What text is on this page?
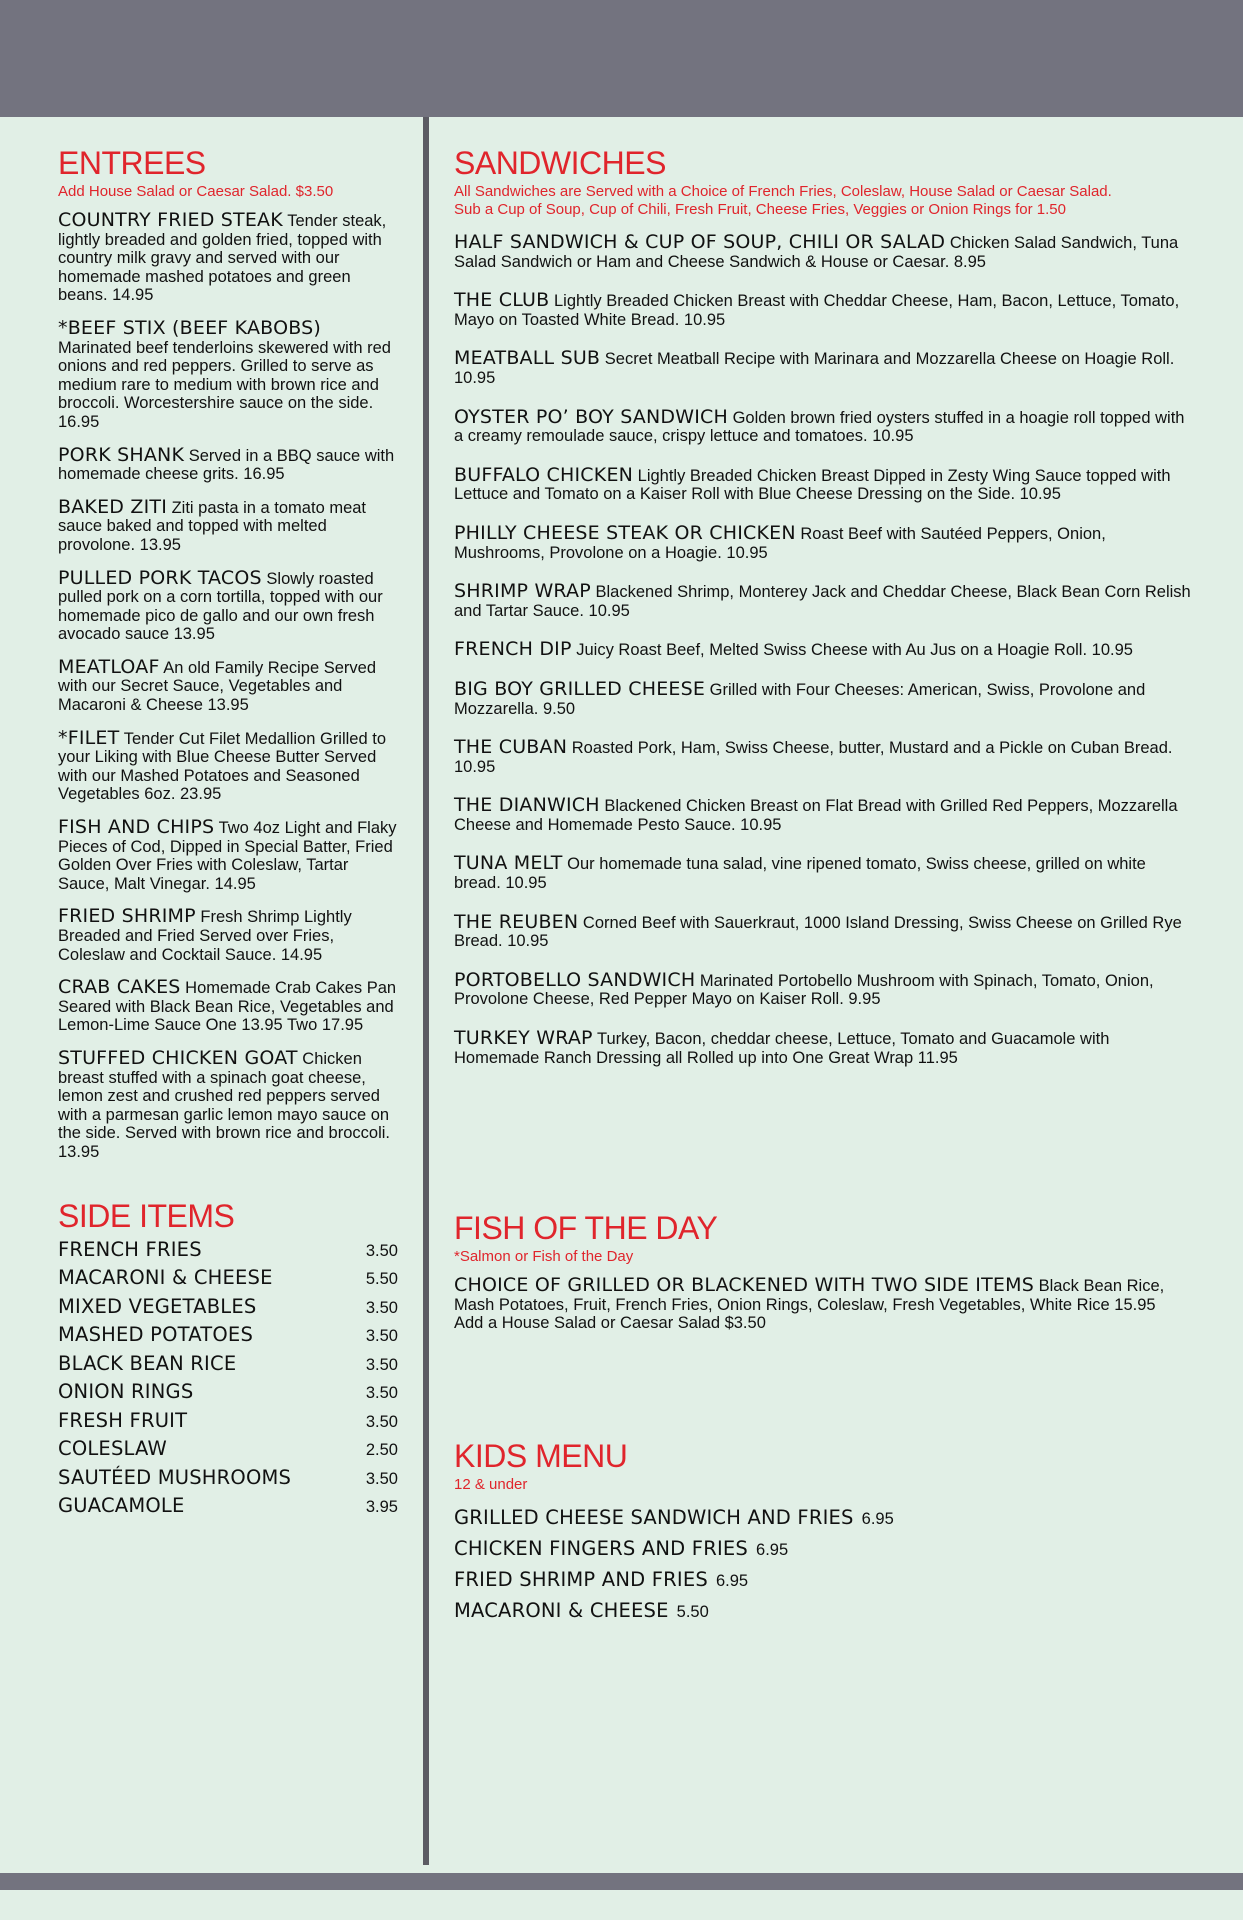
ENTREES
Add House Salad or Caesar Salad. $3.50
COUNTRY FRIED STEAK Tender steak, lightly breaded and golden fried, topped with country milk gravy and served with our homemade mashed potatoes and green beans. 14.95
*BEEF STIX (BEEF KABOBS) Marinated beef tenderloins skewered with red onions and red peppers. Grilled to serve as medium rare to medium with brown rice and broccoli. Worcestershire sauce on the side. 16.95
PORK SHANK Served in a BBQ sauce with homemade cheese grits. 16.95
BAKED ZITI Ziti pasta in a tomato meat sauce baked and topped with melted provolone. 13.95
PULLED PORK TACOS Slowly roasted pulled pork on a corn tortilla, topped with our homemade pico de gallo and our own fresh avocado sauce 13.95
MEATLOAF An old Family Recipe Served with our Secret Sauce, Vegetables and Macaroni & Cheese 13.95
*FILET Tender Cut Filet Medallion Grilled to your Liking with Blue Cheese Butter Served with our Mashed Potatoes and Seasoned Vegetables 6oz. 23.95
FISH AND CHIPS Two 4oz Light and Flaky Pieces of Cod, Dipped in Special Batter, Fried Golden Over Fries with Coleslaw, Tartar Sauce, Malt Vinegar. 14.95
FRIED SHRIMP Fresh Shrimp Lightly Breaded and Fried Served over Fries, Coleslaw and Cocktail Sauce. 14.95
CRAB CAKES Homemade Crab Cakes Pan Seared with Black Bean Rice, Vegetables and Lemon-Lime Sauce One 13.95 Two 17.95
STUFFED CHICKEN GOAT Chicken breast stuffed with a spinach goat cheese, lemon zest and crushed red peppers served with a parmesan garlic lemon mayo sauce on the side. Served with brown rice and broccoli. 13.95
SIDE ITEMS
FRENCH FRIES	3.50
MACARONI & CHEESE	5.50
MIXED VEGETABLES	3.50
MASHED POTATOES	3.50
BLACK BEAN RICE	3.50
ONION RINGS	3.50
FRESH FRUIT	3.50
COLESLAW	2.50
SAUTÉED MUSHROOMS	3.50
GUACAMOLE	3.95
SANDWICHES
All Sandwiches are Served with a Choice of French Fries, Coleslaw, House Salad or Caesar Salad.
Sub a Cup of Soup, Cup of Chili, Fresh Fruit, Cheese Fries, Veggies or Onion Rings for 1.50
HALF SANDWICH & CUP OF SOUP, CHILI OR SALAD Chicken Salad Sandwich, Tuna Salad Sandwich or Ham and Cheese Sandwich & House or Caesar. 8.95
THE CLUB Lightly Breaded Chicken Breast with Cheddar Cheese, Ham, Bacon, Lettuce, Tomato, Mayo on Toasted White Bread. 10.95
MEATBALL SUB Secret Meatball Recipe with Marinara and Mozzarella Cheese on Hoagie Roll. 10.95
OYSTER PO’ BOY SANDWICH Golden brown fried oysters stuffed in a hoagie roll topped with a creamy remoulade sauce, crispy lettuce and tomatoes. 10.95
BUFFALO CHICKEN Lightly Breaded Chicken Breast Dipped in Zesty Wing Sauce topped with Lettuce and Tomato on a Kaiser Roll with Blue Cheese Dressing on the Side. 10.95
PHILLY CHEESE STEAK OR CHICKEN Roast Beef with Sautéed Peppers, Onion, Mushrooms, Provolone on a Hoagie. 10.95
SHRIMP WRAP Blackened Shrimp, Monterey Jack and Cheddar Cheese, Black Bean Corn Relish and Tartar Sauce. 10.95
FRENCH DIP Juicy Roast Beef, Melted Swiss Cheese with Au Jus on a Hoagie Roll. 10.95
BIG BOY GRILLED CHEESE Grilled with Four Cheeses: American, Swiss, Provolone and Mozzarella. 9.50
THE CUBAN Roasted Pork, Ham, Swiss Cheese, butter, Mustard and a Pickle on Cuban Bread. 10.95
THE DIANWICH Blackened Chicken Breast on Flat Bread with Grilled Red Peppers, Mozzarella Cheese and Homemade Pesto Sauce. 10.95
TUNA MELT Our homemade tuna salad, vine ripened tomato, Swiss cheese, grilled on white bread. 10.95
THE REUBEN Corned Beef with Sauerkraut, 1000 Island Dressing, Swiss Cheese on Grilled Rye Bread. 10.95
PORTOBELLO SANDWICH Marinated Portobello Mushroom with Spinach, Tomato, Onion, Provolone Cheese, Red Pepper Mayo on Kaiser Roll. 9.95
TURKEY WRAP Turkey, Bacon, cheddar cheese, Lettuce, Tomato and Guacamole with Homemade Ranch Dressing all Rolled up into One Great Wrap 11.95
FISH OF THE DAY
*Salmon or Fish of the Day
CHOICE OF GRILLED OR BLACKENED WITH TWO SIDE ITEMS Black Bean Rice, Mash Potatoes, Fruit, French Fries, Onion Rings, Coleslaw, Fresh Vegetables, White Rice 15.95
Add a House Salad or Caesar Salad $3.50
KIDS MENU
12 & under
GRILLED CHEESE SANDWICH AND FRIES 6.95
CHICKEN FINGERS AND FRIES 6.95
FRIED SHRIMP AND FRIES 6.95
MACARONI & CHEESE 5.50
